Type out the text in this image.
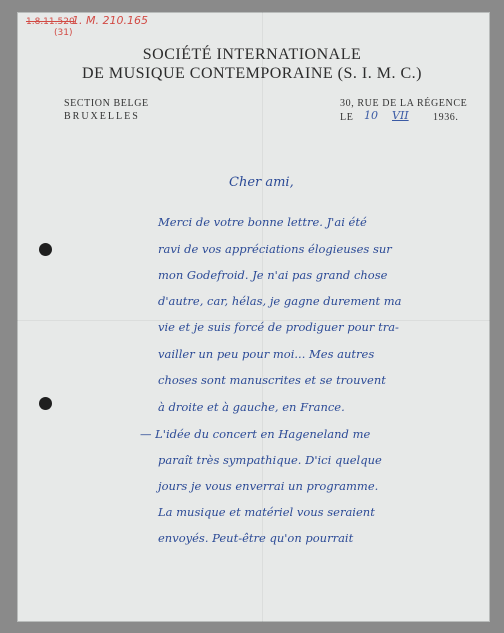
1.8.11.520
(31)
1. M. 210.165
SOCIÉTÉ INTERNATIONALE
DE MUSIQUE CONTEMPORAINE (S. I. M. C.)
SECTION BELGE
BRUXELLES
30, RUE DE LA RÉGENCE
LE 10 VII 1936.
Cher ami,
Merci de votre bonne lettre. J'ai été
ravi de vos appréciations élogieuses sur
mon Godefroid. Je n'ai pas grand chose
d'autre, car, hélas, je gagne durement ma
vie et je suis forcé de prodiguer pour tra-
vailler un peu pour moi... Mes autres
choses sont manuscrites et se trouvent
à droite et à gauche, en France.
— L'idée du concert en Hageneland me
paraît très sympathique. D'ici quelque
jours je vous enverrai un programme.
La musique et matériel vous seraient
envoyés. Peut-être qu'on pourrait
